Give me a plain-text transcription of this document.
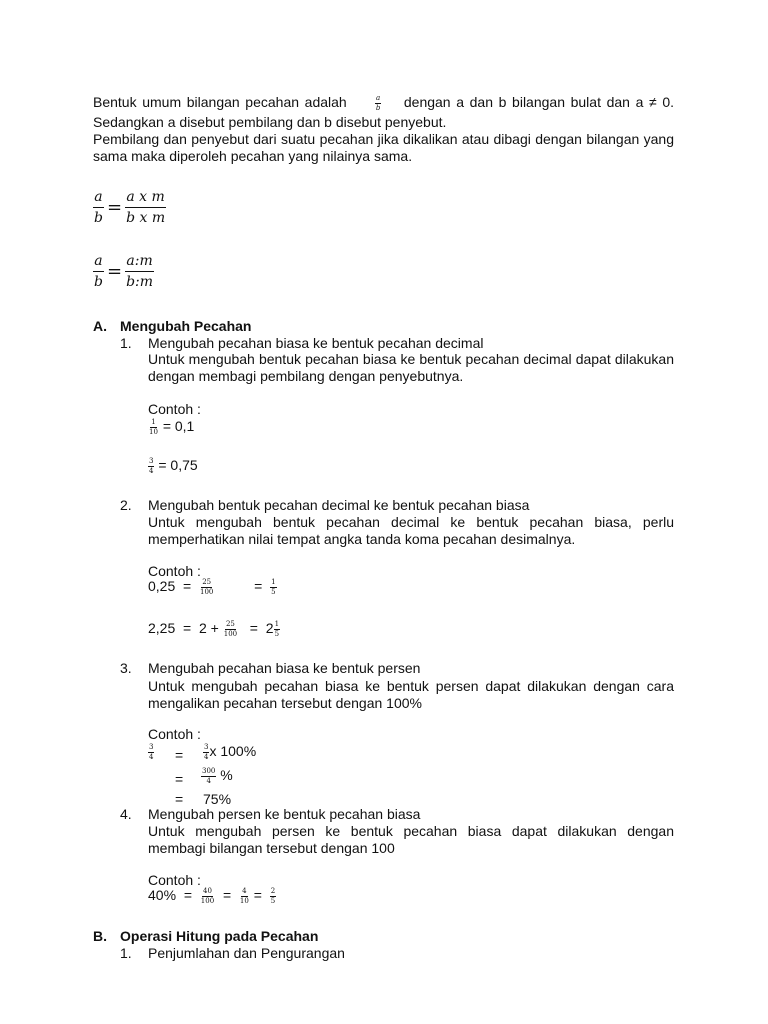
Bentuk umum bilangan pecahan adalah	$\frac{a}{b}$ dengan a dan b bilangan bulat dan a ≠ 0.
Sedangkan a disebut pembilang dan b disebut penyebut.
Pembilang dan penyebut dari suatu pecahan jika dikalikan atau dibagi dengan bilangan yang sama maka diperoleh pecahan yang nilainya sama.
$\frac{a}{b} = \frac{\text{a x m}}{\text{b x m}}$
$\frac{a}{b} = \frac{a:m}{b:m}$
A. Mengubah Pecahan
1. Mengubah pecahan biasa ke bentuk pecahan decimal
Untuk mengubah bentuk pecahan biasa ke bentuk pecahan decimal dapat dilakukan dengan membagi pembilang dengan penyebutnya.
Contoh :
$\frac{1}{10} = 0,1$
$\frac{3}{4} = 0,75$
2. Mengubah bentuk pecahan decimal ke bentuk pecahan biasa
Untuk mengubah bentuk pecahan decimal ke bentuk pecahan biasa, perlu memperhatikan nilai tempat angka tanda koma pecahan desimalnya.
Contoh :
$0,25 = \frac{25}{100}$	= $\frac{1}{5}$
$2,25 = 2 + \frac{25}{100} = 2 \frac{1}{5}$
3. Mengubah pecahan biasa ke bentuk persen
Untuk mengubah pecahan biasa ke bentuk persen dapat dilakukan dengan cara mengalikan pecahan tersebut dengan 100%
Contoh :
$\frac{3}{4}$ =	$\frac{3}{4}$ x 100%
=	$\frac{300}{4}$ %
= 75%
4. Mengubah persen ke bentuk pecahan biasa
Untuk mengubah persen ke bentuk pecahan biasa dapat dilakukan dengan membagi bilangan tersebut dengan 100
Contoh :
$40\% = \frac{40}{100} = \frac{4}{10} = \frac{2}{5}$
B. Operasi Hitung pada Pecahan
1. Penjumlahan dan Pengurangan
